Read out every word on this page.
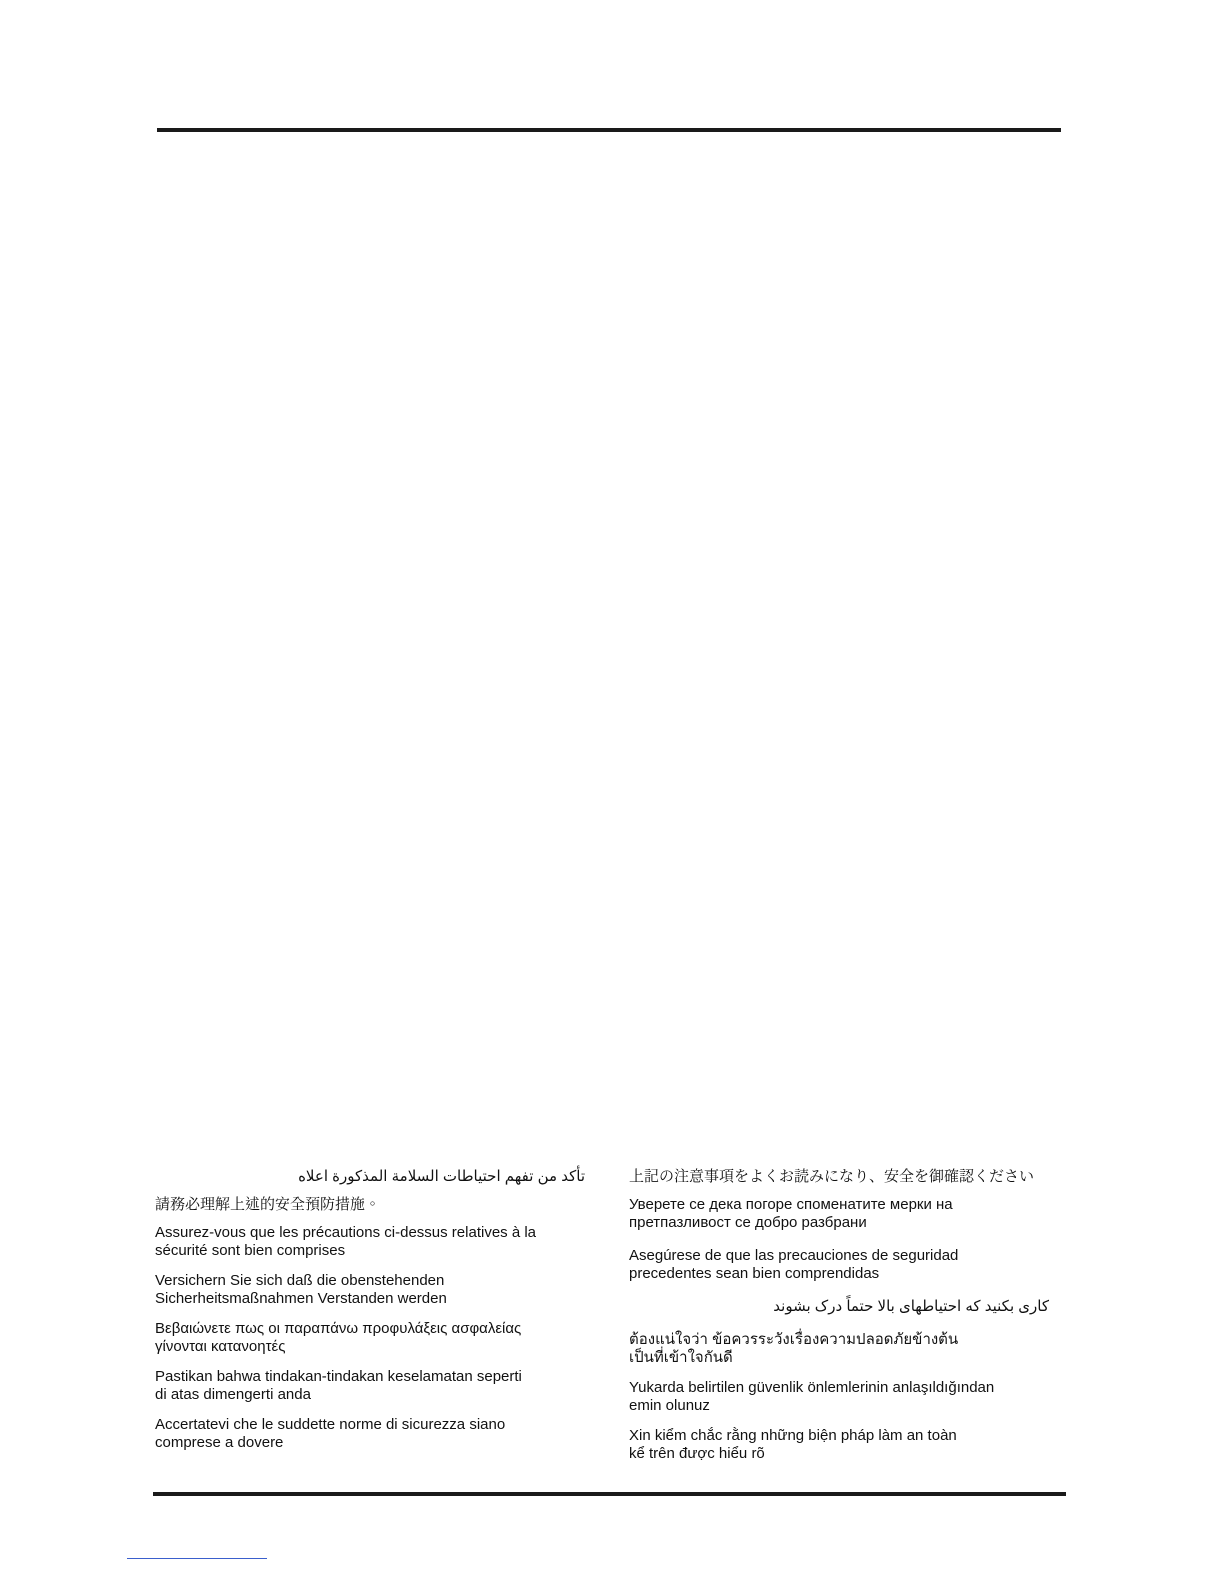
تأكد من تفهم احتياطات السلامة المذكورة اعلاه

請務必理解上述的安全預防措施。

Assurez-vous que les précautions ci-dessus relatives à la
sécurité sont bien comprises

Versichern Sie sich daß die obenstehenden
Sicherheitsmaßnahmen Verstanden werden

Βεβαιώνετε πως οι παραπάνω προφυλάξεις ασφαλείας
γίνονται κατανοητές

Pastikan bahwa tindakan-tindakan keselamatan seperti
di atas dimengerti anda

Accertatevi che le suddette norme di sicurezza siano
comprese a dovere

上記の注意事項をよくお読みになり、安全を御確認ください

Уверете се дека погоре споменатите мерки на
претпазливост се добро разбрани

Asegúrese de que las precauciones de seguridad
precedentes sean bien comprendidas

کاری بکنید که احتیاطهای بالا حتماً درک بشوند

ต้องแน่ใจว่า ข้อควรระวังเรื่องความปลอดภัยข้างต้น
เป็นที่เข้าใจกันดี

Yukarda belirtilen güvenlik önlemlerinin anlaşıldığından
emin olunuz

Xin kiểm chắc rằng những biện pháp làm an toàn
kể trên được hiểu rõ
